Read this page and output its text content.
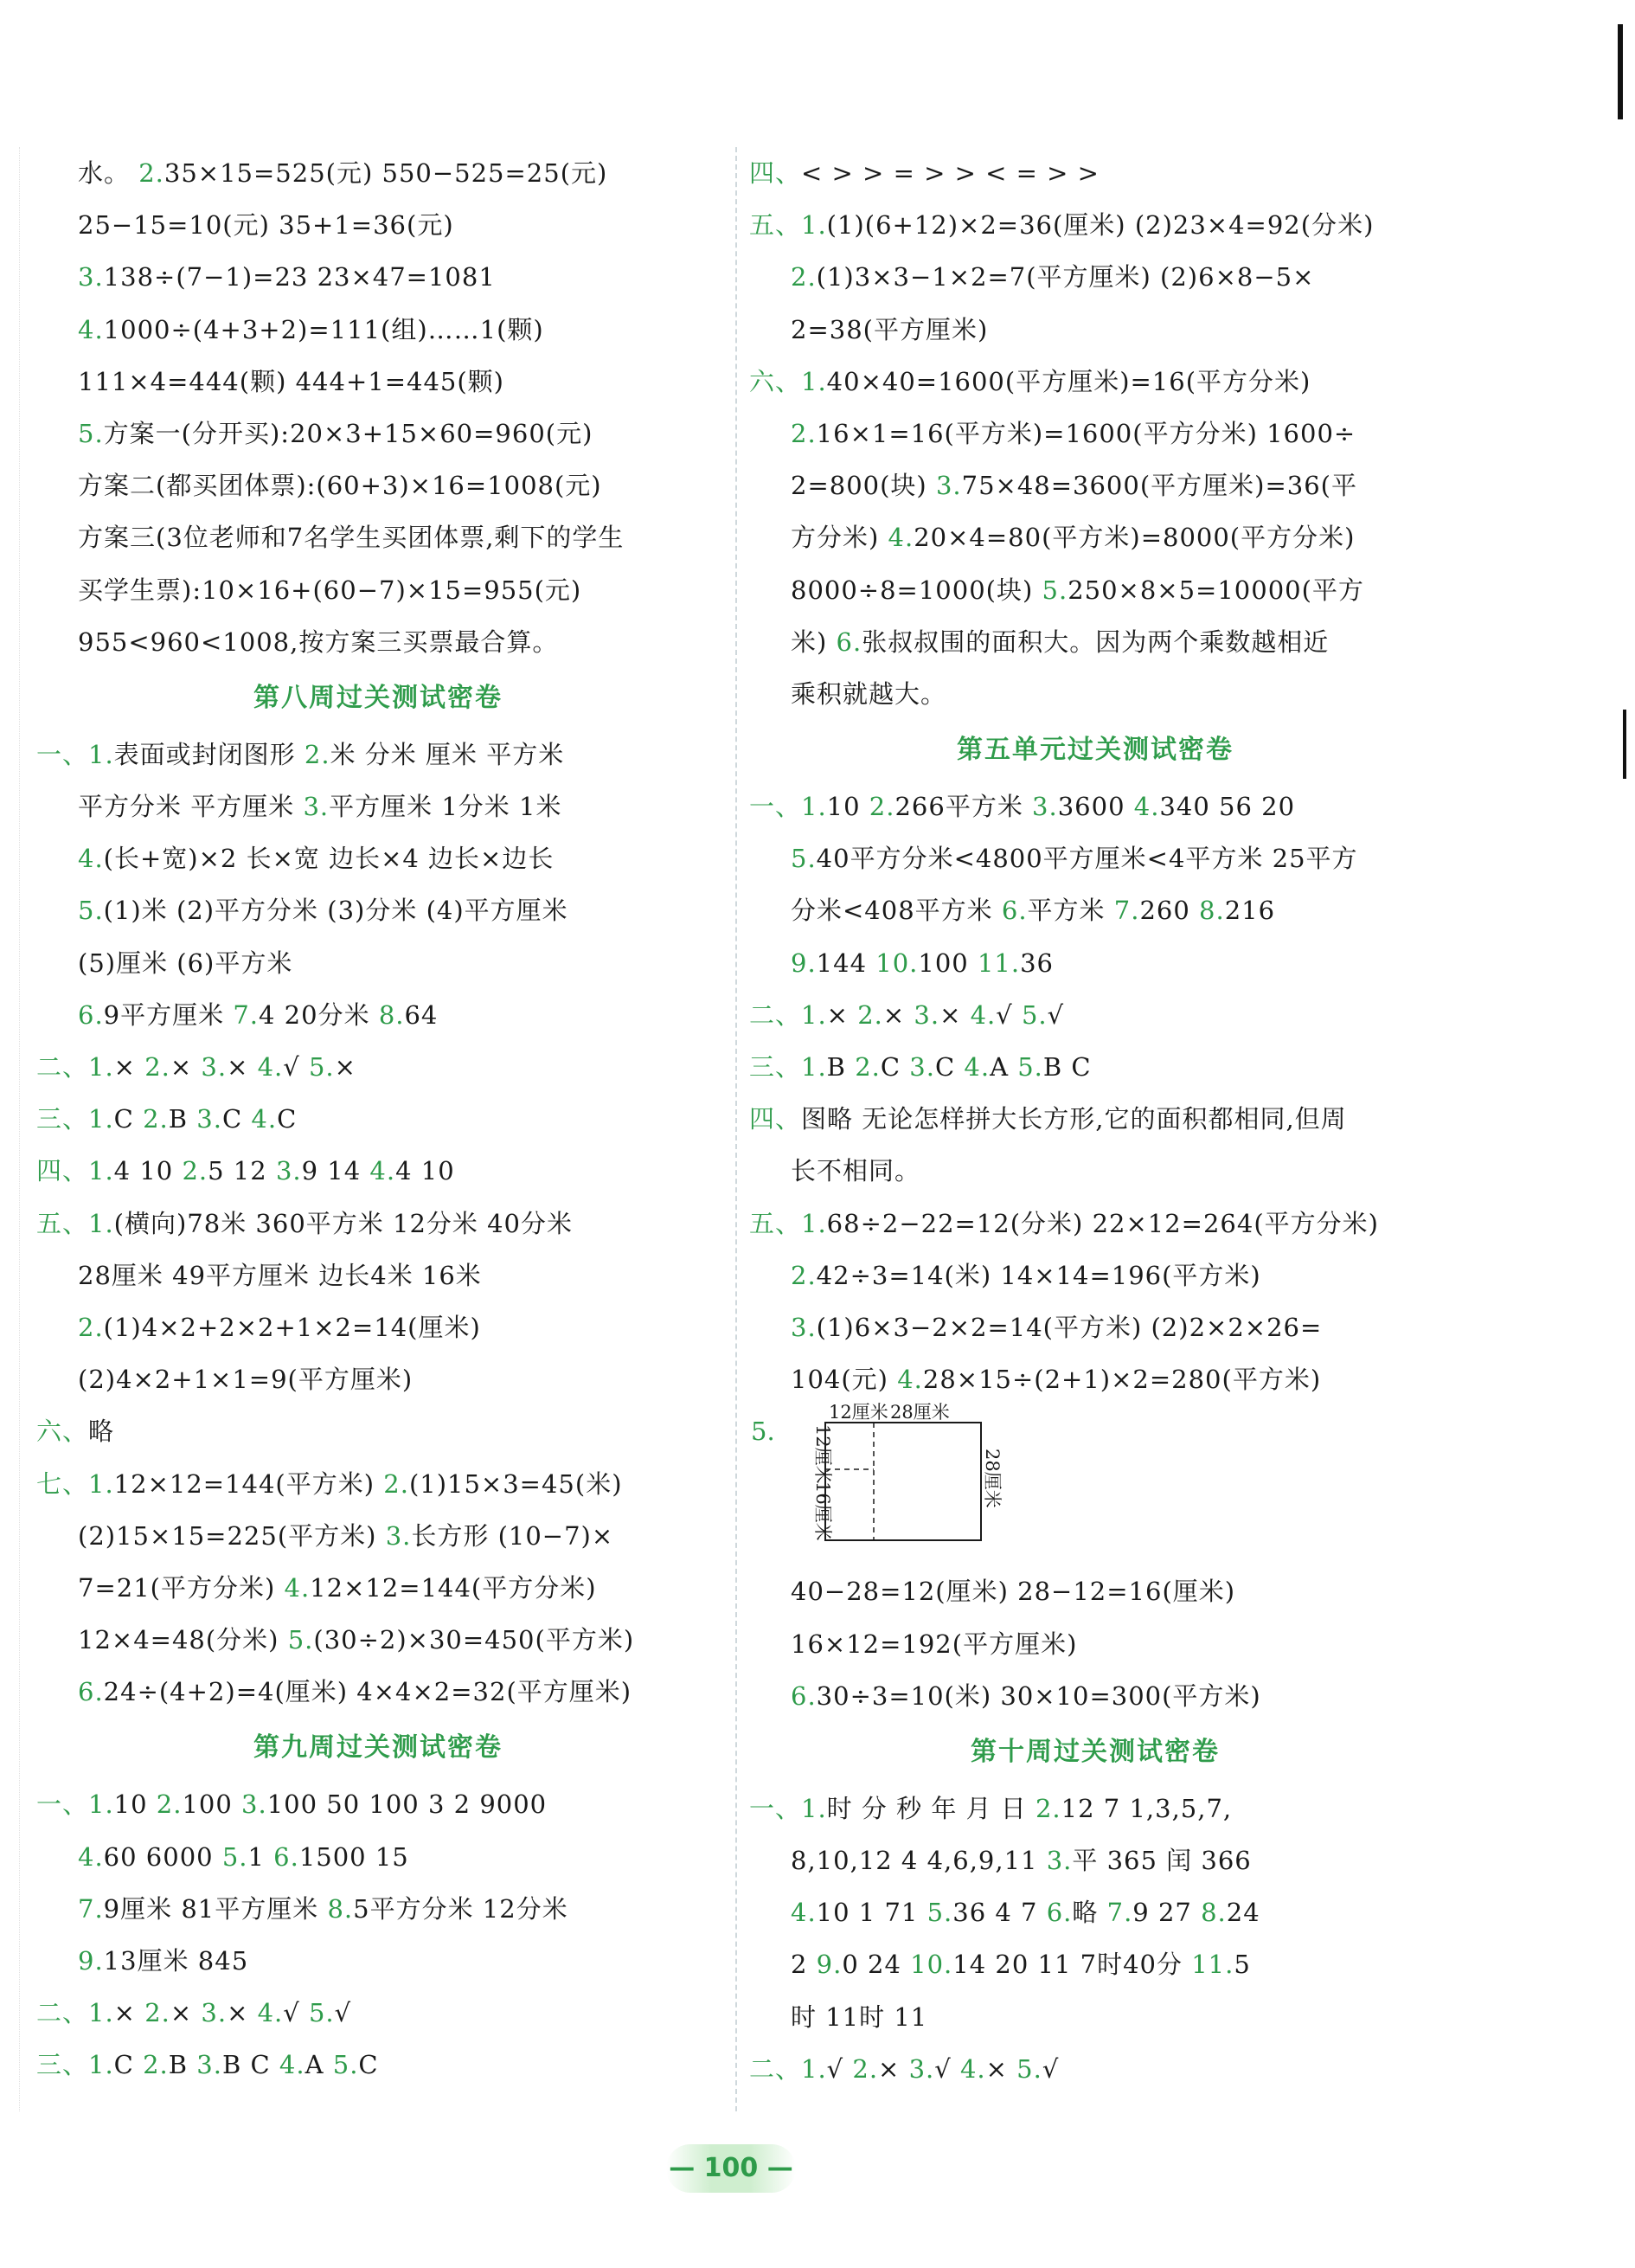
水。 2.35×15=525(元) 550−525=25(元)
25−15=10(元) 35+1=36(元)
3.138÷(7−1)=23 23×47=1081
4.1000÷(4+3+2)=111(组)……1(颗)
111×4=444(颗) 444+1=445(颗)
5.方案一(分开买):20×3+15×60=960(元)
方案二(都买团体票):(60+3)×16=1008(元)
方案三(3位老师和7名学生买团体票,剩下的学生
买学生票):10×16+(60−7)×15=955(元)
955<960<1008,按方案三买票最合算。
第八周过关测试密卷
一、1.表面或封闭图形 2.米 分米 厘米 平方米
平方分米 平方厘米 3.平方厘米 1分米 1米
4.(长+宽)×2 长×宽 边长×4 边长×边长
5.(1)米 (2)平方分米 (3)分米 (4)平方厘米
(5)厘米 (6)平方米
6.9平方厘米 7.4 20分米 8.64
二、1.× 2.× 3.× 4.√ 5.×
三、1.C 2.B 3.C 4.C
四、1.4 10 2.5 12 3.9 14 4.4 10
五、1.(横向)78米 360平方米 12分米 40分米
28厘米 49平方厘米 边长4米 16米
2.(1)4×2+2×2+1×2=14(厘米)
(2)4×2+1×1=9(平方厘米)
六、略
七、1.12×12=144(平方米) 2.(1)15×3=45(米)
(2)15×15=225(平方米) 3.长方形 (10−7)×
7=21(平方分米) 4.12×12=144(平方分米)
12×4=48(分米) 5.(30÷2)×30=450(平方米)
6.24÷(4+2)=4(厘米) 4×4×2=32(平方厘米)
第九周过关测试密卷
一、1.10 2.100 3.100 50 100 3 2 9000
4.60 6000 5.1 6.1500 15
7.9厘米 81平方厘米 8.5平方分米 12分米
9.13厘米 845
二、1.× 2.× 3.× 4.√ 5.√
三、1.C 2.B 3.B C 4.A 5.C
四、< > > = > > < = > >
五、1.(1)(6+12)×2=36(厘米) (2)23×4=92(分米)
2.(1)3×3−1×2=7(平方厘米) (2)6×8−5×
2=38(平方厘米)
六、1.40×40=1600(平方厘米)=16(平方分米)
2.16×1=16(平方米)=1600(平方分米) 1600÷
2=800(块) 3.75×48=3600(平方厘米)=36(平
方分米) 4.20×4=80(平方米)=8000(平方分米)
8000÷8=1000(块) 5.250×8×5=10000(平方
米) 6.张叔叔围的面积大。因为两个乘数越相近
乘积就越大。
第五单元过关测试密卷
一、1.10 2.266平方米 3.3600 4.340 56 20
5.40平方分米<4800平方厘米<4平方米 25平方
分米<408平方米 6.平方米 7.260 8.216
9.144 10.100 11.36
二、1.× 2.× 3.× 4.√ 5.√
三、1.B 2.C 3.C 4.A 5.B C
四、图略 无论怎样拼大长方形,它的面积都相同,但周
长不相同。
五、1.68÷2−22=12(分米) 22×12=264(平方分米)
2.42÷3=14(米) 14×14=196(平方米)
3.(1)6×3−2×2=14(平方米) (2)2×2×26=
104(元) 4.28×15÷(2+1)×2=280(平方米)
5.
12厘米 28厘米
12厘米
16厘米
28厘米
40−28=12(厘米) 28−12=16(厘米)
16×12=192(平方厘米)
6.30÷3=10(米) 30×10=300(平方米)
第十周过关测试密卷
一、1.时 分 秒 年 月 日 2.12 7 1,3,5,7,
8,10,12 4 4,6,9,11 3.平 365 闰 366
4.10 1 71 5.36 4 7 6.略 7.9 27 8.24
2 9.0 24 10.14 20 11 7时40分 11.5
时 11时 11
二、1.√ 2.× 3.√ 4.× 5.√
— 100 —
